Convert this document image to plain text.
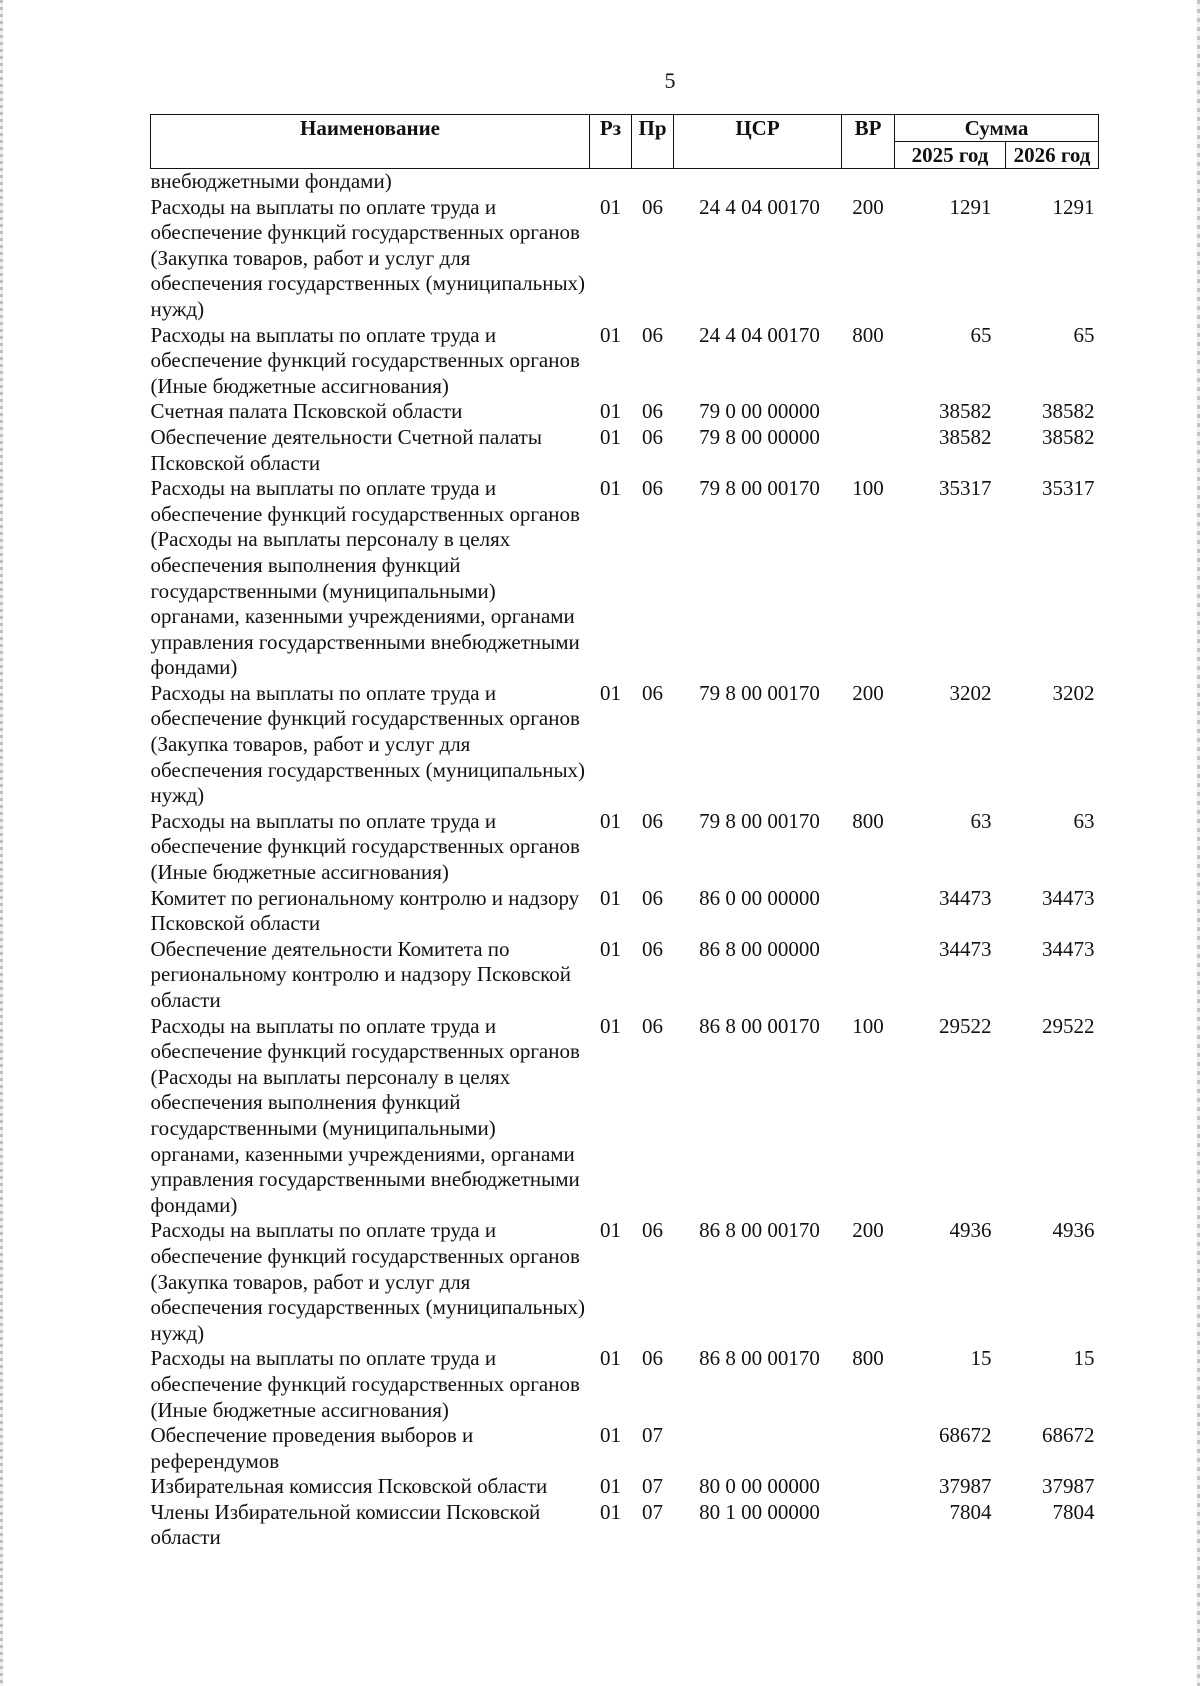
5
Наименование	Рз	Пр	ЦСР	ВР	Сумма	
					2025 год	2026 год
внебюджетными фондами)						
Расходы на выплаты по оплате труда и обеспечение функций государственных органов (Закупка товаров, работ и услуг для обеспечения государственных (муниципальных) нужд)	01	06	24 4 04 00170	200	1291	1291
Расходы на выплаты по оплате труда и обеспечение функций государственных органов (Иные бюджетные ассигнования)	01	06	24 4 04 00170	800	65	65
Счетная палата Псковской области	01	06	79 0 00 00000		38582	38582
Обеспечение деятельности Счетной палаты Псковской области	01	06	79 8 00 00000		38582	38582
Расходы на выплаты по оплате труда и обеспечение функций государственных органов (Расходы на выплаты персоналу в целях обеспечения выполнения функций государственными (муниципальными) органами, казенными учреждениями, органами управления государственными внебюджетными фондами)	01	06	79 8 00 00170	100	35317	35317
Расходы на выплаты по оплате труда и обеспечение функций государственных органов (Закупка товаров, работ и услуг для обеспечения государственных (муниципальных) нужд)	01	06	79 8 00 00170	200	3202	3202
Расходы на выплаты по оплате труда и обеспечение функций государственных органов (Иные бюджетные ассигнования)	01	06	79 8 00 00170	800	63	63
Комитет по региональному контролю и надзору Псковской области	01	06	86 0 00 00000		34473	34473
Обеспечение деятельности Комитета по региональному контролю и надзору Псковской области	01	06	86 8 00 00000		34473	34473
Расходы на выплаты по оплате труда и обеспечение функций государственных органов (Расходы на выплаты персоналу в целях обеспечения выполнения функций государственными (муниципальными) органами, казенными учреждениями, органами управления государственными внебюджетными фондами)	01	06	86 8 00 00170	100	29522	29522
Расходы на выплаты по оплате труда и обеспечение функций государственных органов (Закупка товаров, работ и услуг для обеспечения государственных (муниципальных) нужд)	01	06	86 8 00 00170	200	4936	4936
Расходы на выплаты по оплате труда и обеспечение функций государственных органов (Иные бюджетные ассигнования)	01	06	86 8 00 00170	800	15	15
Обеспечение проведения выборов и референдумов	01	07			68672	68672
Избирательная комиссия Псковской области	01	07	80 0 00 00000		37987	37987
Члены Избирательной комиссии Псковской области	01	07	80 1 00 00000		7804	7804
